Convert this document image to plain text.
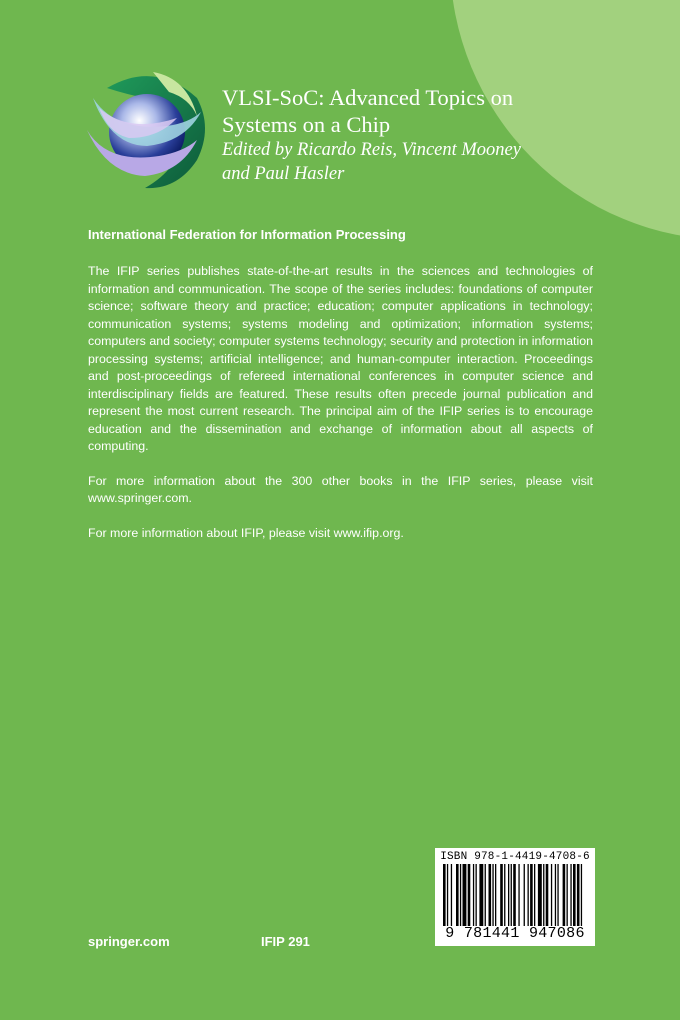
VLSI-SoC: Advanced Topics on
Systems on a Chip
Edited by Ricardo Reis, Vincent Mooney
and Paul Hasler

International Federation for Information Processing

The IFIP series publishes state-of-the-art results in the sciences and technologies of information and communication. The scope of the series includes: foundations of computer science; software theory and practice; education; computer applications in technology; communication systems; systems modeling and optimization; information systems; computers and society; computer systems technology; security and protection in information processing systems; artificial intelligence; and human-computer interaction. Proceedings and post-proceedings of refereed international conferences in computer science and interdisciplinary fields are featured. These results often precede journal publication and represent the most current research. The principal aim of the IFIP series is to encourage education and the dissemination and exchange of information about all aspects of computing.

For more information about the 300 other books in the IFIP series, please visit www.springer.com.

For more information about IFIP, please visit www.ifip.org.

springer.com	IFIP 291
ISBN 978-1-4419-4708-6
9 781441 947086
